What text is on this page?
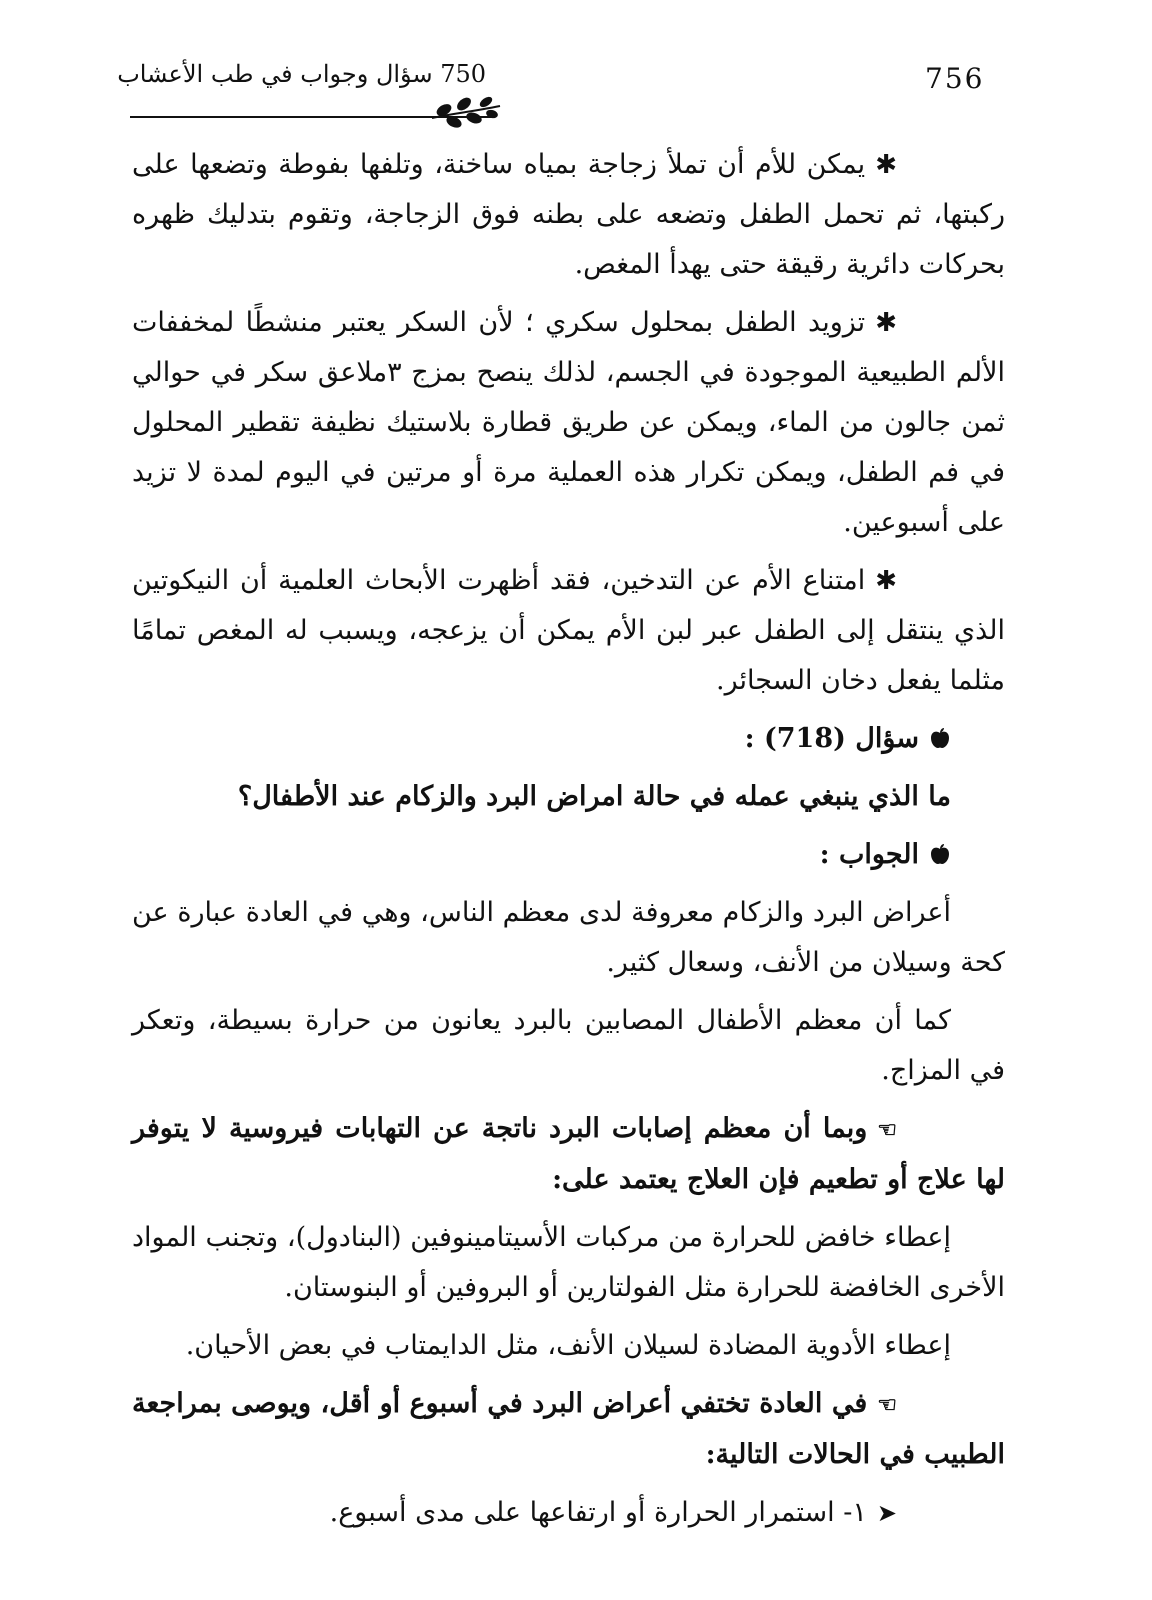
756
750 سؤال وجواب في طب الأعشاب

✱يمكن للأم أن تملأ زجاجة بمياه ساخنة، وتلفها بفوطة وتضعها على ركبتها، ثم تحمل الطفل وتضعه على بطنه فوق الزجاجة، وتقوم بتدليك ظهره بحركات دائرية رقيقة حتى يهدأ المغص.

✱تزويد الطفل بمحلول سكري ؛ لأن السكر يعتبر منشطًا لمخففات الألم الطبيعية الموجودة في الجسم، لذلك ينصح بمزج ٣ملاعق سكر في حوالي ثمن جالون من الماء، ويمكن عن طريق قطارة بلاستيك نظيفة تقطير المحلول في فم الطفل، ويمكن تكرار هذه العملية مرة أو مرتين في اليوم لمدة لا تزيد على أسبوعين.

✱امتناع الأم عن التدخين، فقد أظهرت الأبحاث العلمية أن النيكوتين الذي ينتقل إلى الطفل عبر لبن الأم يمكن أن يزعجه، ويسبب له المغص تمامًا مثلما يفعل دخان السجائر.

سؤال (718) :

ما الذي ينبغي عمله في حالة امراض البرد والزكام عند الأطفال؟

الجواب :

أعراض البرد والزكام معروفة لدى معظم الناس، وهي في العادة عبارة عن كحة وسيلان من الأنف، وسعال كثير.

كما أن معظم الأطفال المصابين بالبرد يعانون من حرارة بسيطة، وتعكر في المزاج.

☜وبما أن معظم إصابات البرد ناتجة عن التهابات فيروسية لا يتوفر لها علاج أو تطعيم فإن العلاج يعتمد على:

إعطاء خافض للحرارة من مركبات الأسيتامينوفين (البنادول)، وتجنب المواد الأخرى الخافضة للحرارة مثل الفولتارين أو البروفين أو البنوستان.

إعطاء الأدوية المضادة لسيلان الأنف، مثل الدايمتاب في بعض الأحيان.

☜في العادة تختفي أعراض البرد في أسبوع أو أقل، ويوصى بمراجعة الطبيب في الحالات التالية:

➤١- استمرار الحرارة أو ارتفاعها على مدى أسبوع.
